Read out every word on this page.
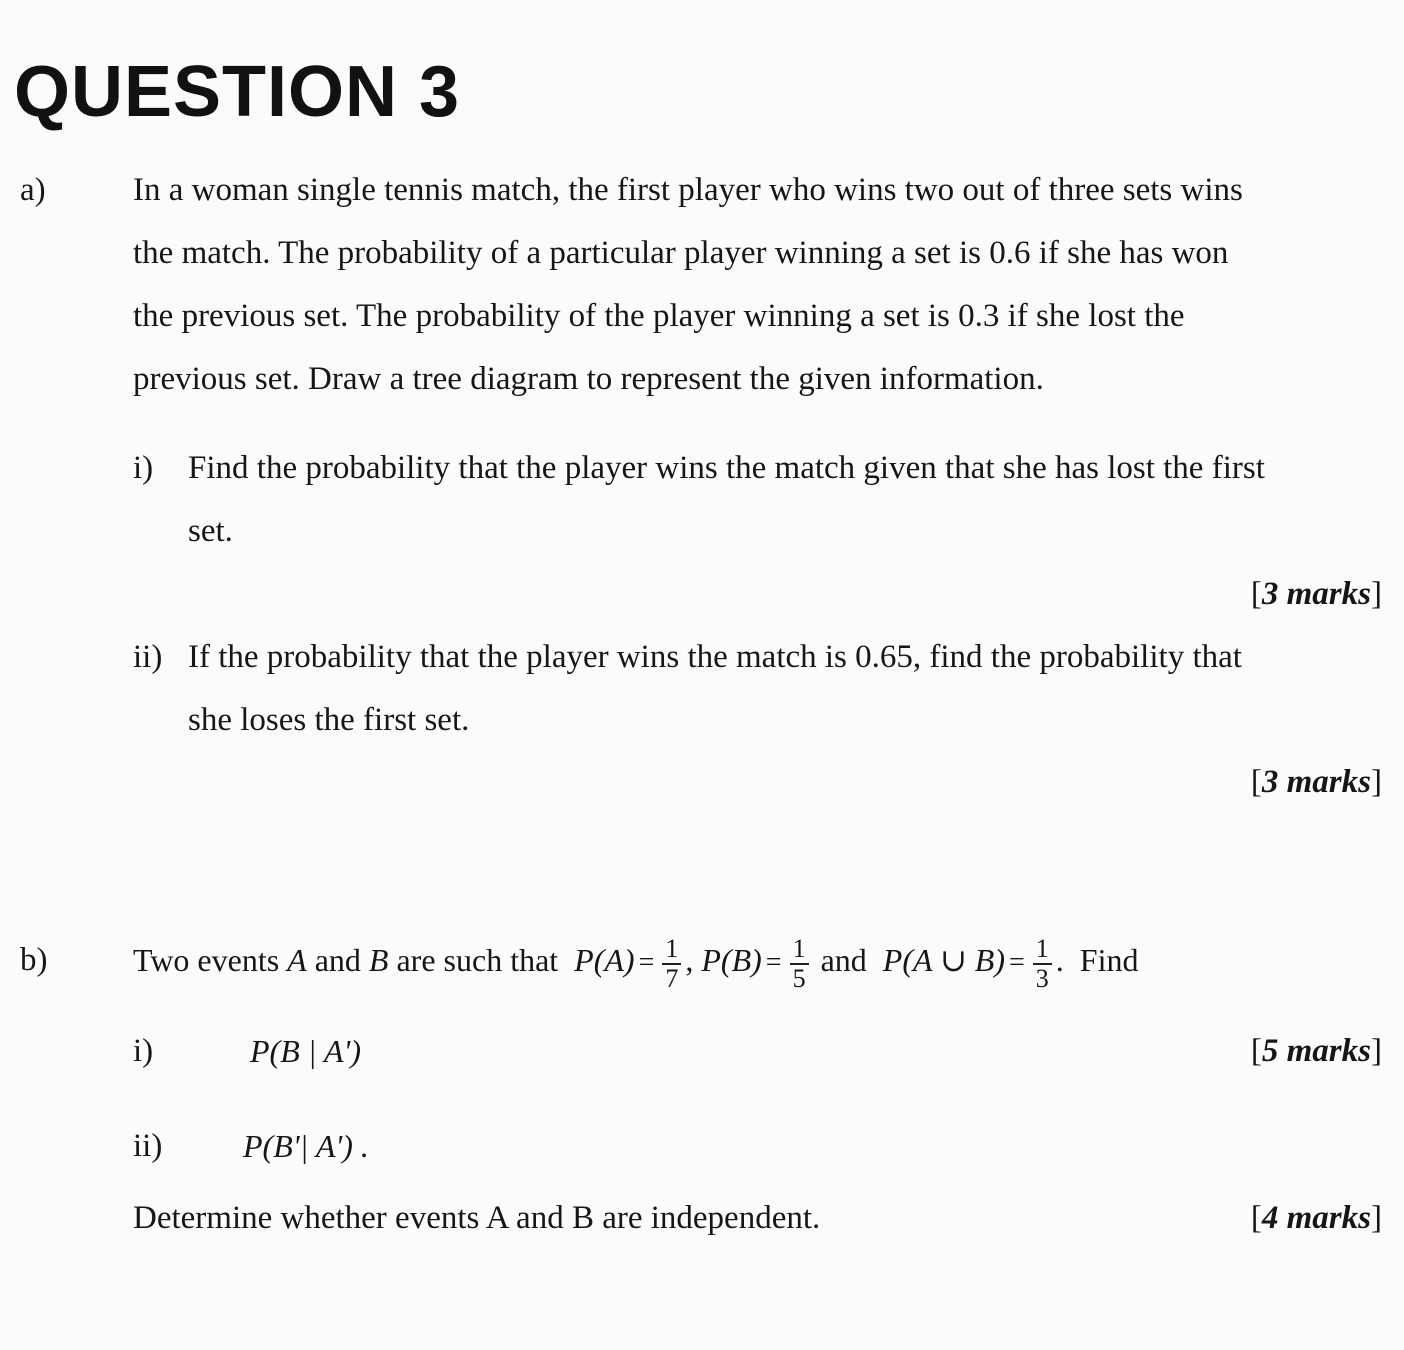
QUESTION 3
a)	In a woman single tennis match, the first player who wins two out of three sets wins
the match. The probability of a particular player winning a set is 0.6 if she has won
the previous set. The probability of the player winning a set is 0.3 if she lost the
previous set. Draw a tree diagram to represent the given information.
i) Find the probability that the player wins the match given that she has lost the first
set.
[3 marks]
ii) If the probability that the player wins the match is 0.65, find the probability that
she loses the first set.
[3 marks]
b)	Two events A and B are such that $P(A) = \frac{1}{7}$ , $P(B) = \frac{1}{5}$ and P(A ∪ $B) = \frac{1}{3}$ .  Find
i)	P(B | A')	[5 marks]
ii)	P(B'| A') .
Determine whether events A and B are independent.	[4 marks]
